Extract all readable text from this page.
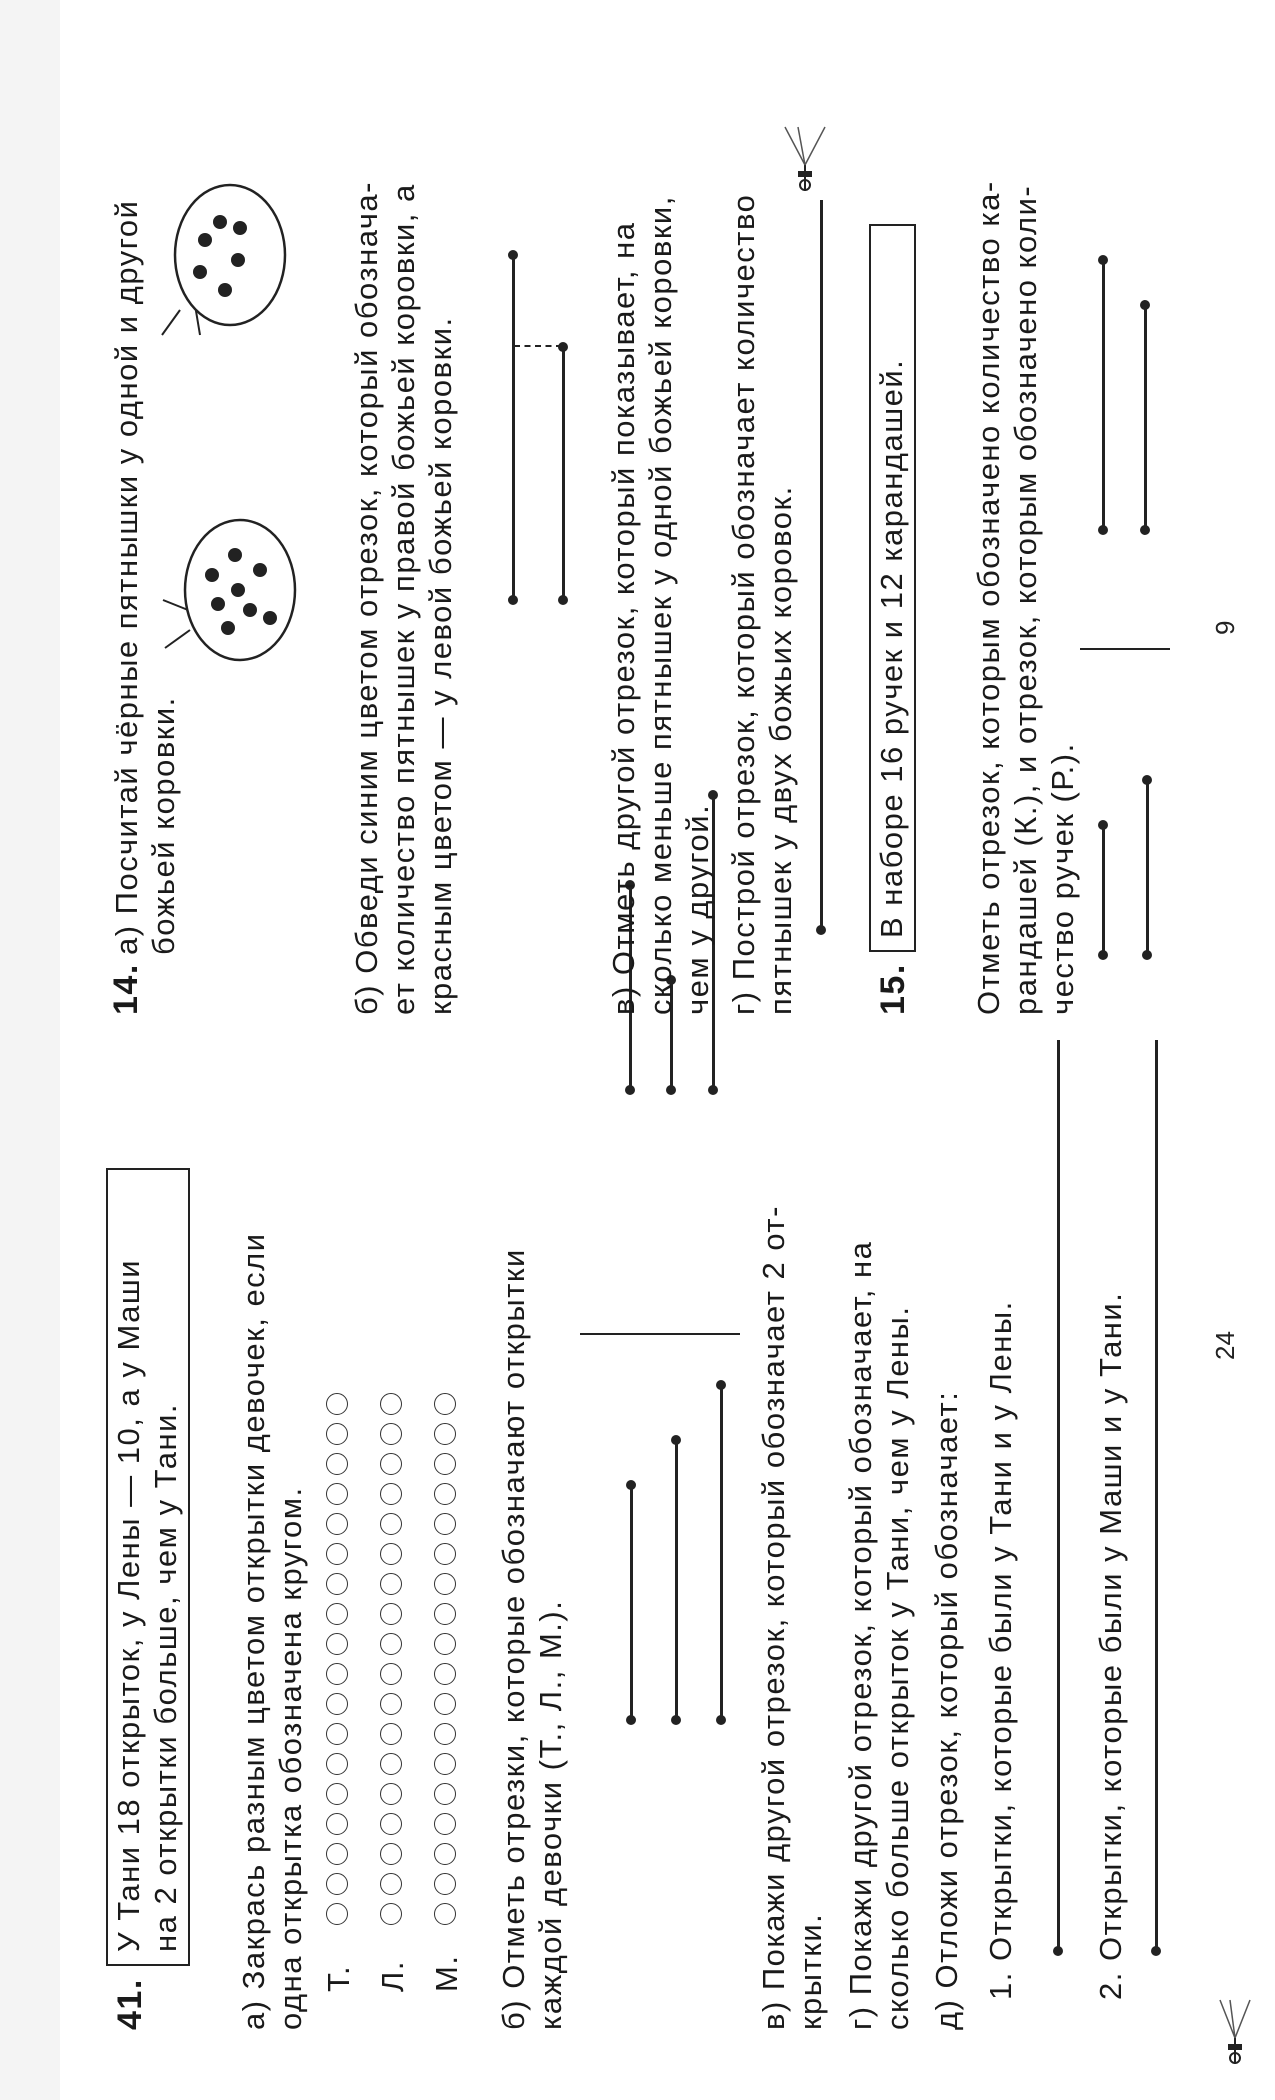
41.
У Тани 18 открыток, у Лены — 10, а у Маши на 2 открытки больше, чем у Тани. а) Закрась разным цветом открытки девочек, если одна открытка обозначена кругом. Т. Л. М. б) Отметь отрезки, которые обозначают открытки каждой девочки (Т., Л., М.).	в) Покажи другой отрезок, который обозначает 2 от- крытки. г) Покажи другой отрезок, который обозначает, на сколько больше открыток у Тани, чем у Лены. д) Отложи отрезок, который обозначает: 1. Открытки, которые были у Тани и у Лены. 2. Открытки, которые были у Маши и у Тани.	24
14.
а) Посчитай чёрные пятнышки у одной и другой божьей коровки.	б) Обведи синим цветом отрезок, который обознача- ет количество пятнышек у правой божьей коровки, а красным цветом — у левой божьей коровки.	в) Отметь другой отрезок, который показывает, на сколько меньше пятнышек у одной божьей коровки, чем у другой. г) Построй отрезок, который обозначает количество пятнышек у двух божьих коровок. 15.
В наборе 16 ручек и 12 карандашей. Отметь отрезок, которым обозначено количество ка- рандашей (К.), и отрезок, которым обозначено коли- чество ручек (Р.).
9
